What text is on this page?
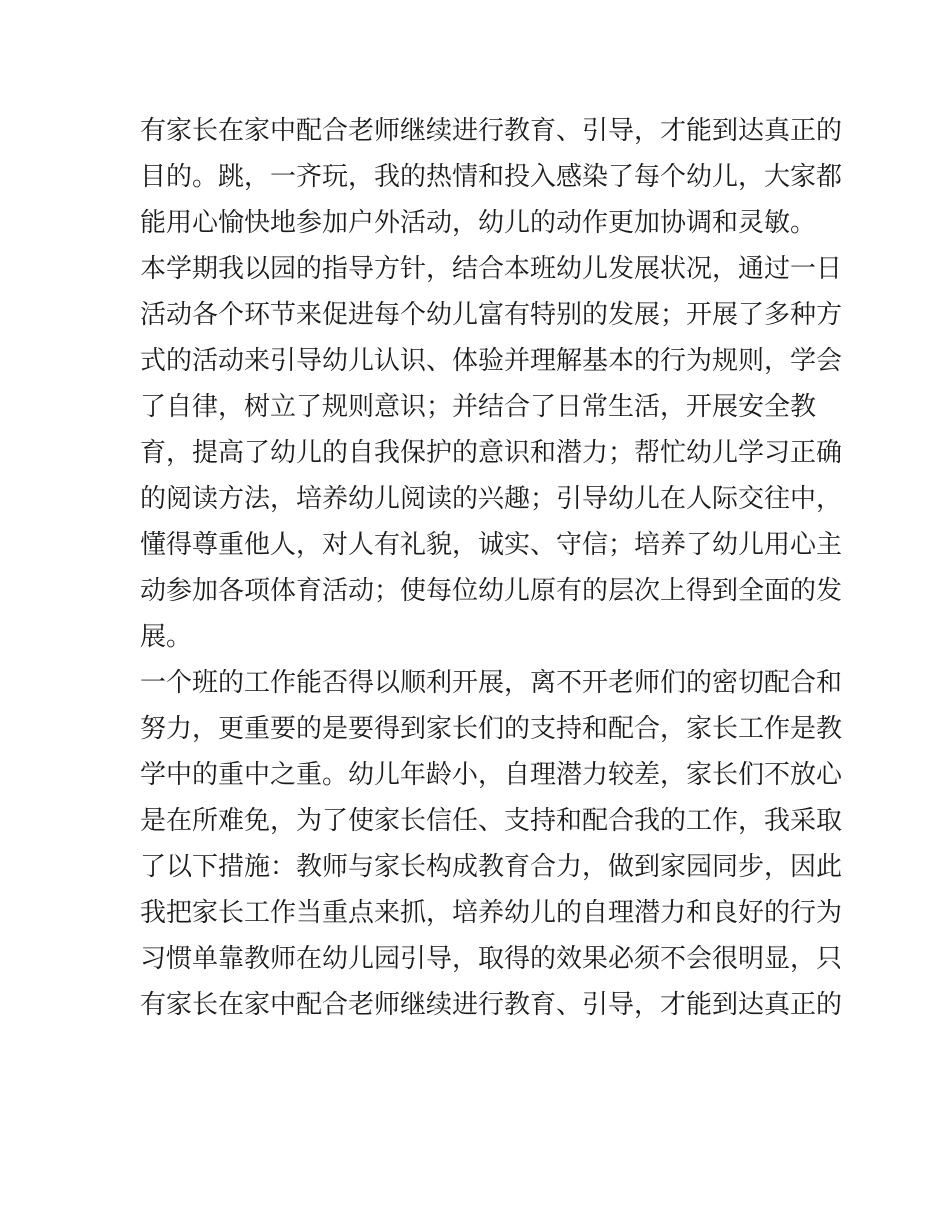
有家长在家中配合老师继续进行教育、引导，才能到达真正的
目的。跳，一齐玩，我的热情和投入感染了每个幼儿，大家都
能用心愉快地参加户外活动，幼儿的动作更加协调和灵敏。
本学期我以园的指导方针，结合本班幼儿发展状况，通过一日
活动各个环节来促进每个幼儿富有特别的发展；开展了多种方
式的活动来引导幼儿认识、体验并理解基本的行为规则，学会
了自律，树立了规则意识；并结合了日常生活，开展安全教
育，提高了幼儿的自我保护的意识和潜力；帮忙幼儿学习正确
的阅读方法，培养幼儿阅读的兴趣；引导幼儿在人际交往中，
懂得尊重他人，对人有礼貌，诚实、守信；培养了幼儿用心主
动参加各项体育活动；使每位幼儿原有的层次上得到全面的发
展。
一个班的工作能否得以顺利开展，离不开老师们的密切配合和
努力，更重要的是要得到家长们的支持和配合，家长工作是教
学中的重中之重。幼儿年龄小，自理潜力较差，家长们不放心
是在所难免，为了使家长信任、支持和配合我的工作，我采取
了以下措施：教师与家长构成教育合力，做到家园同步，因此
我把家长工作当重点来抓，培养幼儿的自理潜力和良好的行为
习惯单靠教师在幼儿园引导，取得的效果必须不会很明显，只
有家长在家中配合老师继续进行教育、引导，才能到达真正的
